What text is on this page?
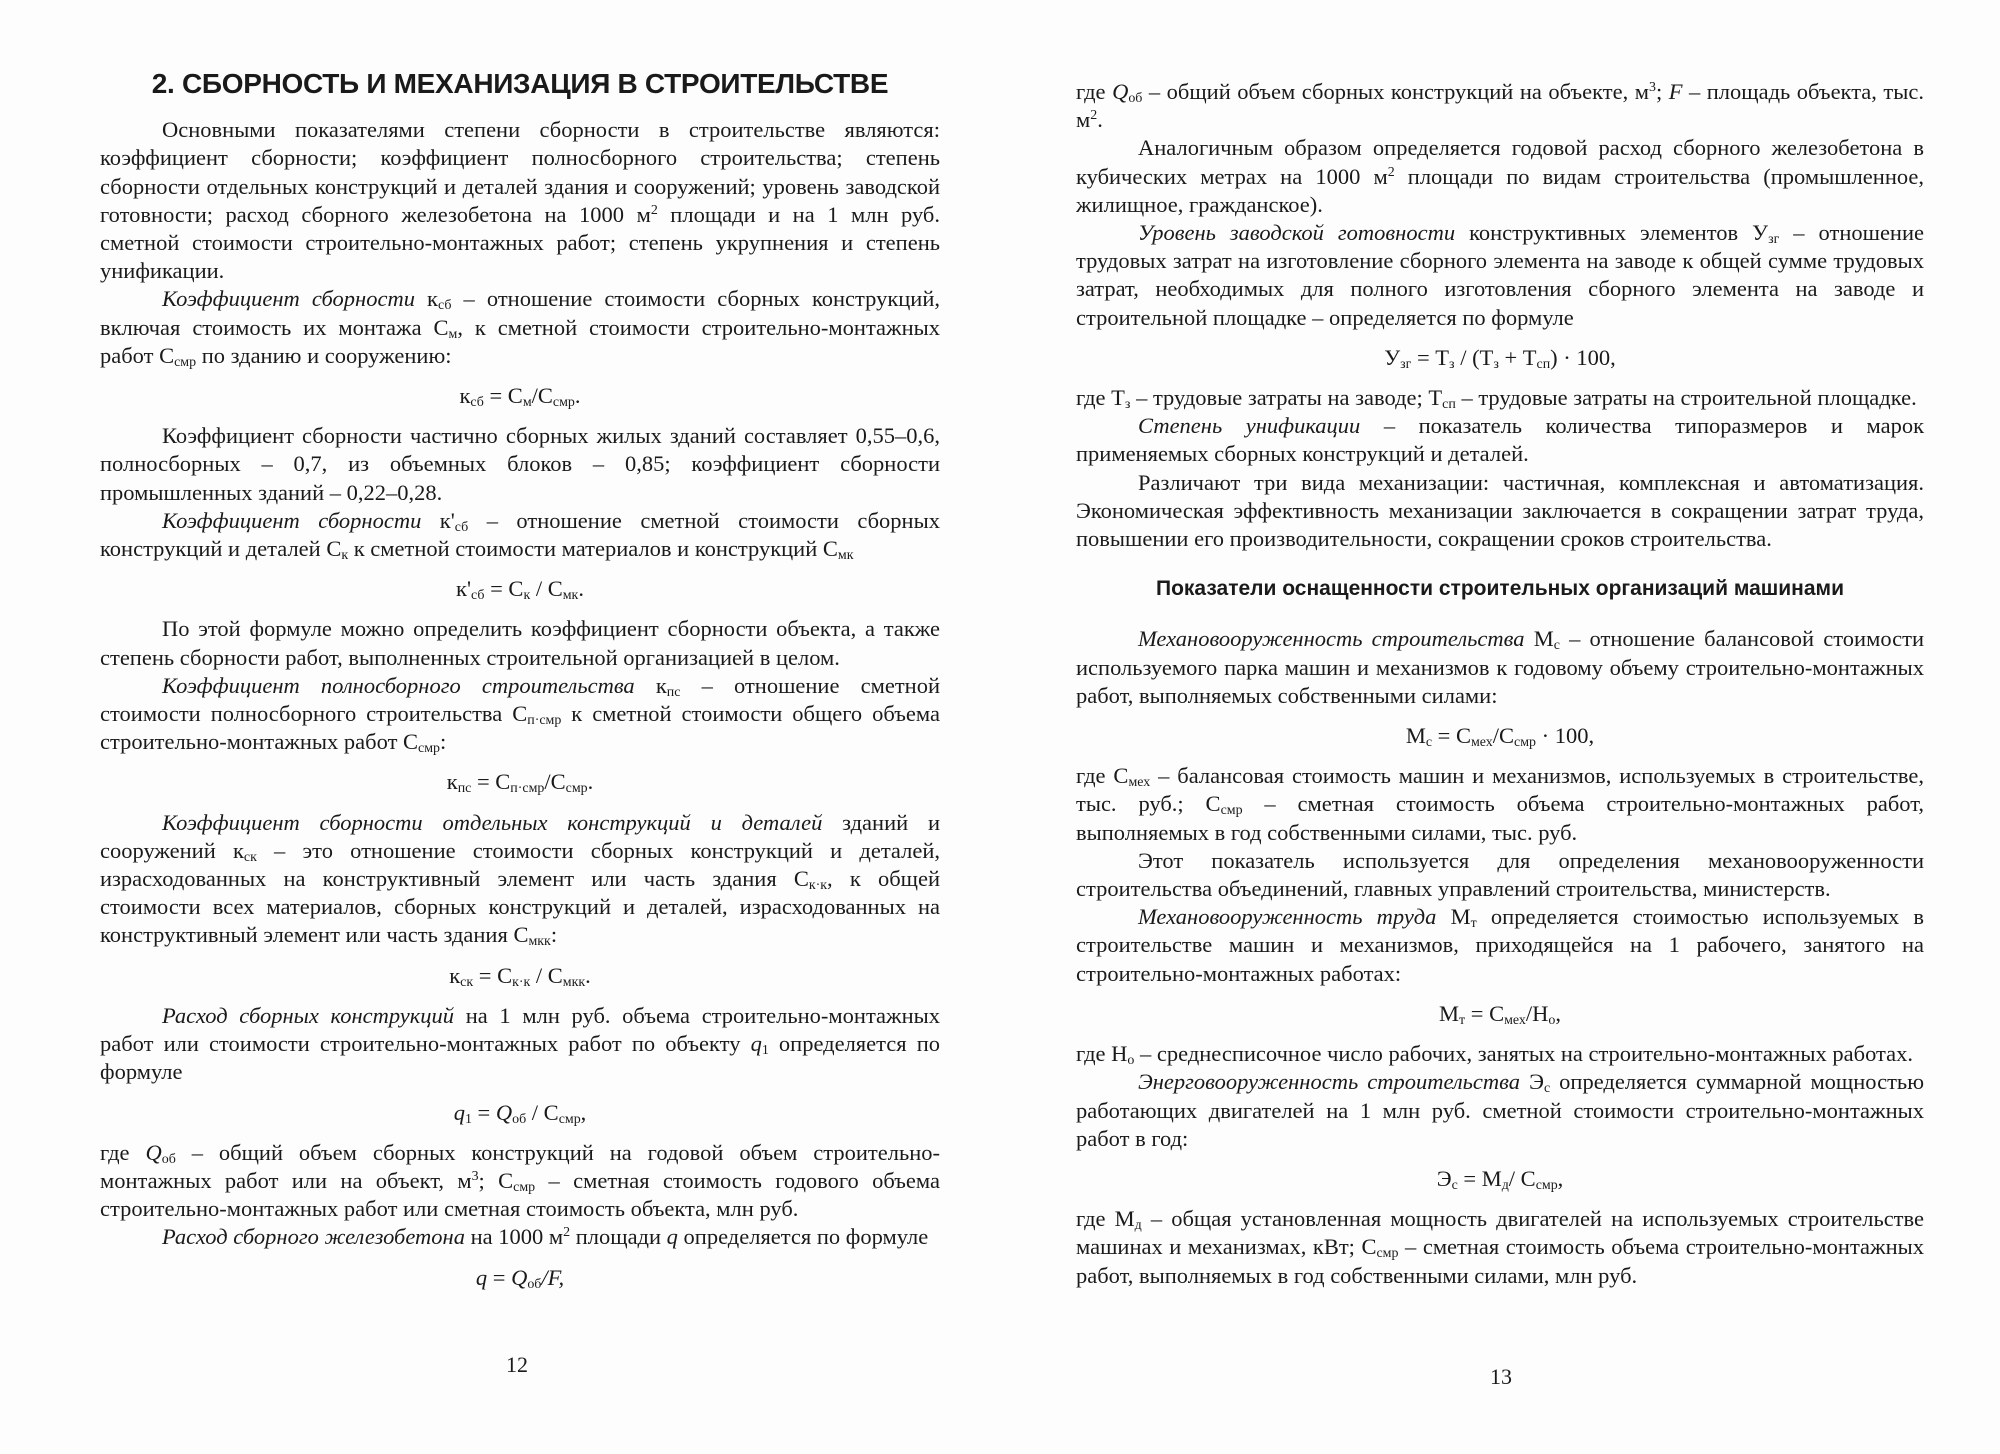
2. СБОРНОСТЬ И МЕХАНИЗАЦИЯ В СТРОИТЕЛЬСТВЕ
Основными показателями степени сборности в строительстве являются: коэффициент сборности; коэффициент полносборного строительства; степень сборности отдельных конструкций и деталей здания и сооружений; уровень заводской готовности; расход сборного железобетона на 1000 $м^2$ площади и на 1 млн руб. сметной стоимости строительно-монтажных работ; степень укрупнения и степень унификации.
Коэффициент сборности $к_{сб}$ – отношение стоимости сборных конструкций, включая стоимость их монтажа $С_м$, к сметной стоимости строительно-монтажных работ $С_{смр}$ по зданию и сооружению:
$к_{сб} = С_м/С_{смр}$.
Коэффициент сборности частично сборных жилых зданий составляет 0,55–0,6, полносборных – 0,7, из объемных блоков – 0,85; коэффициент сборности промышленных зданий – 0,22–0,28.
Коэффициент сборности $к'_{сб}$ – отношение сметной стоимости сборных конструкций и деталей $С_к$ к сметной стоимости материалов и конструкций $С_{мк}$
$к'_{сб} = С_к / С_{мк}$.
По этой формуле можно определить коэффициент сборности объекта, а также степень сборности работ, выполненных строительной организацией в целом.
Коэффициент полносборного строительства $к_{пс}$ – отношение сметной стоимости полносборного строительства $С_{п\cdot смр}$ к сметной стоимости общего объема строительно-монтажных работ $С_{смр}$:
$к_{пс} = С_{п\cdot смр}/С_{смр}$.
Коэффициент сборности отдельных конструкций и деталей зданий и сооружений $к_{ск}$ – это отношение стоимости сборных конструкций и деталей, израсходованных на конструктивный элемент или часть здания $С_{к\cdot к}$, к общей стоимости всех материалов, сборных конструкций и деталей, израсходованных на конструктивный элемент или часть здания $С_{мкк}$:
$к_{ск} = С_{к\cdot к} / С_{мкк}$.
Расход сборных конструкций на 1 млн руб. объема строительно-монтажных работ или стоимости строительно-монтажных работ по объекту $q_1$ определяется по формуле
$q_1 = Q_{об} / С_{смр}$,
где $Q_{об}$ – общий объем сборных конструкций на годовой объем строительно-монтажных работ или на объект, $м^3$; $С_{смр}$ – сметная стоимость годового объема строительно-монтажных работ или сметная стоимость объекта, млн руб.
Расход сборного железобетона на 1000 $м^2$ площади q определяется по формуле
$q = Q_{об}/F$,
где $Q_{об}$ – общий объем сборных конструкций на объекте, $м^3$; F – площадь объекта, тыс. $м^2$.
Аналогичным образом определяется годовой расход сборного железобетона в кубических метрах на 1000 $м^2$ площади по видам строительства (промышленное, жилищное, гражданское).
Уровень заводской готовности конструктивных элементов $У_{зг}$ – отношение трудовых затрат на изготовление сборного элемента на заводе к общей сумме трудовых затрат, необходимых для полного изготовления сборного элемента на заводе и строительной площадке – определяется по формуле
$У_{зг} = Т_з / (Т_з + Т_{сп}) \cdot 100$,
где $Т_з$ – трудовые затраты на заводе; $Т_{сп}$ – трудовые затраты на строительной площадке.
Степень унификации – показатель количества типоразмеров и марок применяемых сборных конструкций и деталей.
Различают три вида механизации: частичная, комплексная и автоматизация. Экономическая эффективность механизации заключается в сокращении затрат труда, повышении его производительности, сокращении сроков строительства.
Показатели оснащенности строительных организаций машинами
Механовооруженность строительства $М_с$ – отношение балансовой стоимости используемого парка машин и механизмов к годовому объему строительно-монтажных работ, выполняемых собственными силами:
$М_с = С_{мех}/С_{смр} \cdot 100$,
где $С_{мех}$ – балансовая стоимость машин и механизмов, используемых в строительстве, тыс. руб.; $С_{смр}$ – сметная стоимость объема строительно-монтажных работ, выполняемых в год собственными силами, тыс. руб.
Этот показатель используется для определения механовооруженности строительства объединений, главных управлений строительства, министерств.
Механовооруженность труда $М_т$ определяется стоимостью используемых в строительстве машин и механизмов, приходящейся на 1 рабочего, занятого на строительно-монтажных работах:
$М_т = С_{мех}/Н_о$,
где $Н_о$ – среднесписочное число рабочих, занятых на строительно-монтажных работах.
Энерговооруженность строительства $Э_с$ определяется суммарной мощностью работающих двигателей на 1 млн руб. сметной стоимости строительно-монтажных работ в год:
$Э_с = М_д/$ $С_{смр}$,
где $М_д$ – общая установленная мощность двигателей на используемых строительстве машинах и механизмах, кВт; $С_{смр}$ – сметная стоимость объема строительно-монтажных работ, выполняемых в год собственными силами, млн руб.
12	13
